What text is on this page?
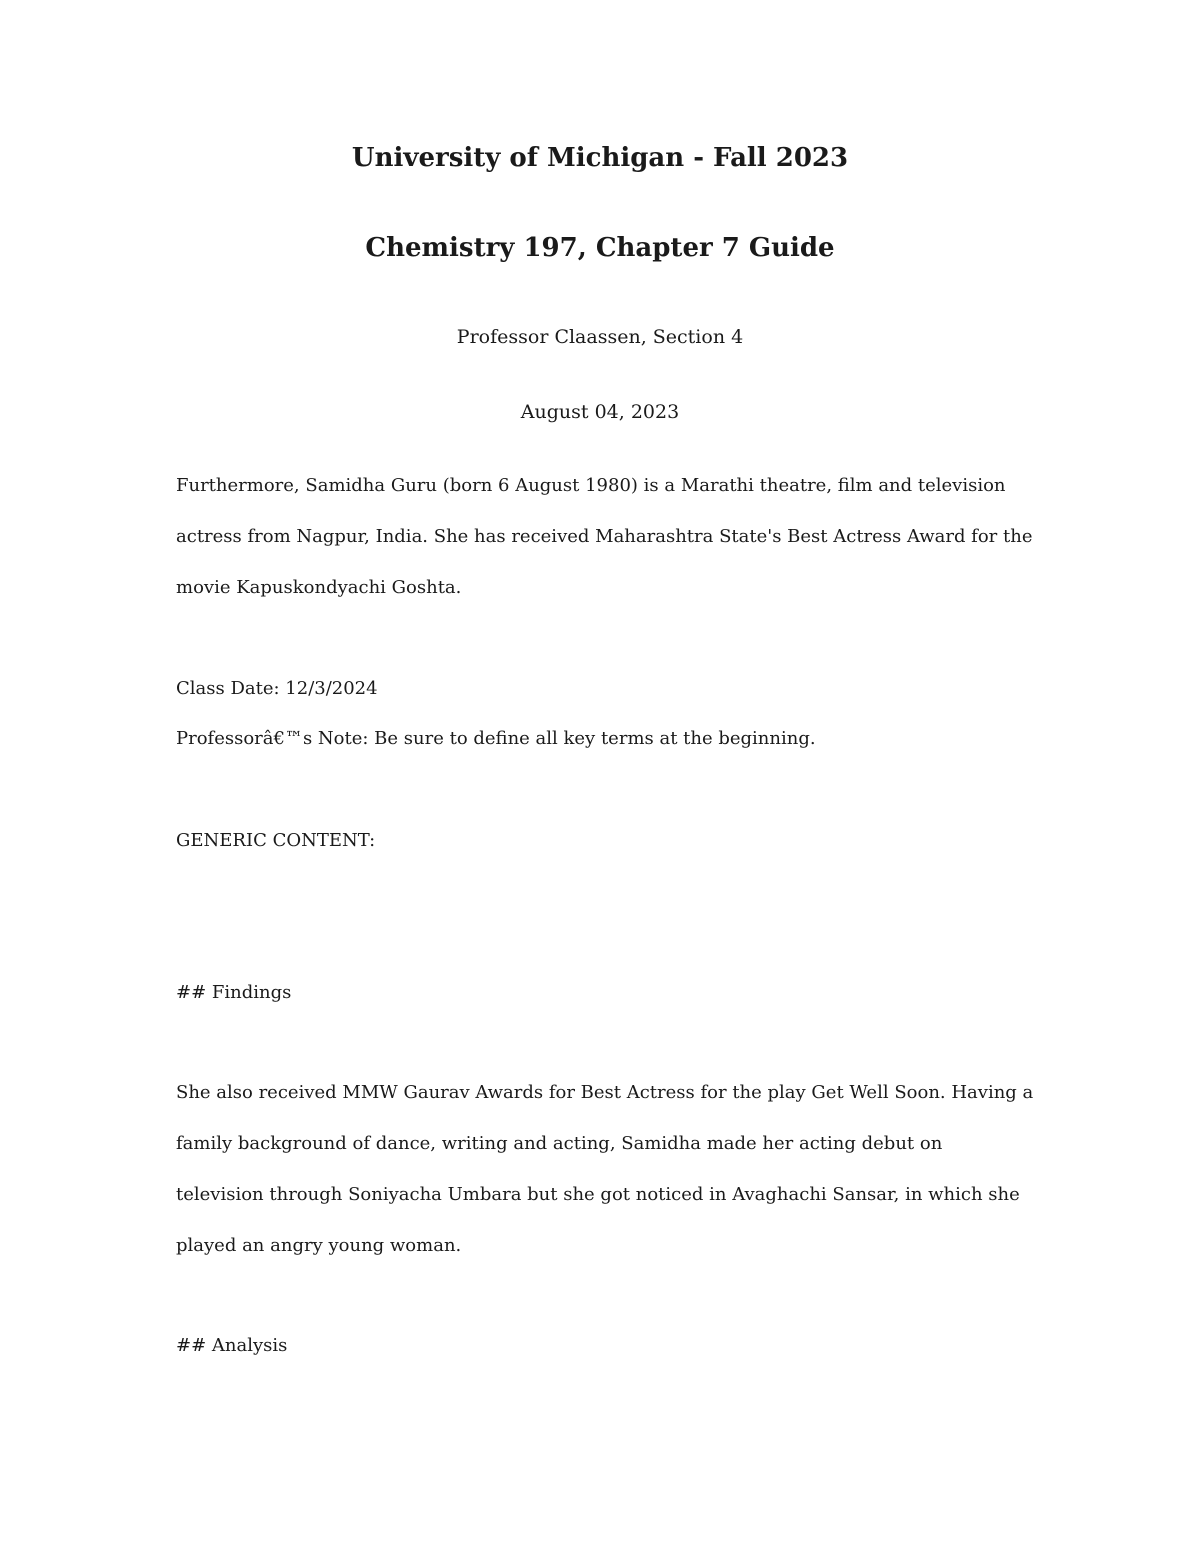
University of Michigan - Fall 2023
Chemistry 197, Chapter 7 Guide

Professor Claassen, Section 4

August 04, 2023

Furthermore, Samidha Guru (born 6 August 1980) is a Marathi theatre, film and television

actress from Nagpur, India. She has received Maharashtra State's Best Actress Award for the

movie Kapuskondyachi Goshta.

Class Date: 12/3/2024

Professorâ€™s Note: Be sure to define all key terms at the beginning.

GENERIC CONTENT:

## Findings

She also received MMW Gaurav Awards for Best Actress for the play Get Well Soon. Having a

family background of dance, writing and acting, Samidha made her acting debut on

television through Soniyacha Umbara but she got noticed in Avaghachi Sansar, in which she

played an angry young woman.

## Analysis
